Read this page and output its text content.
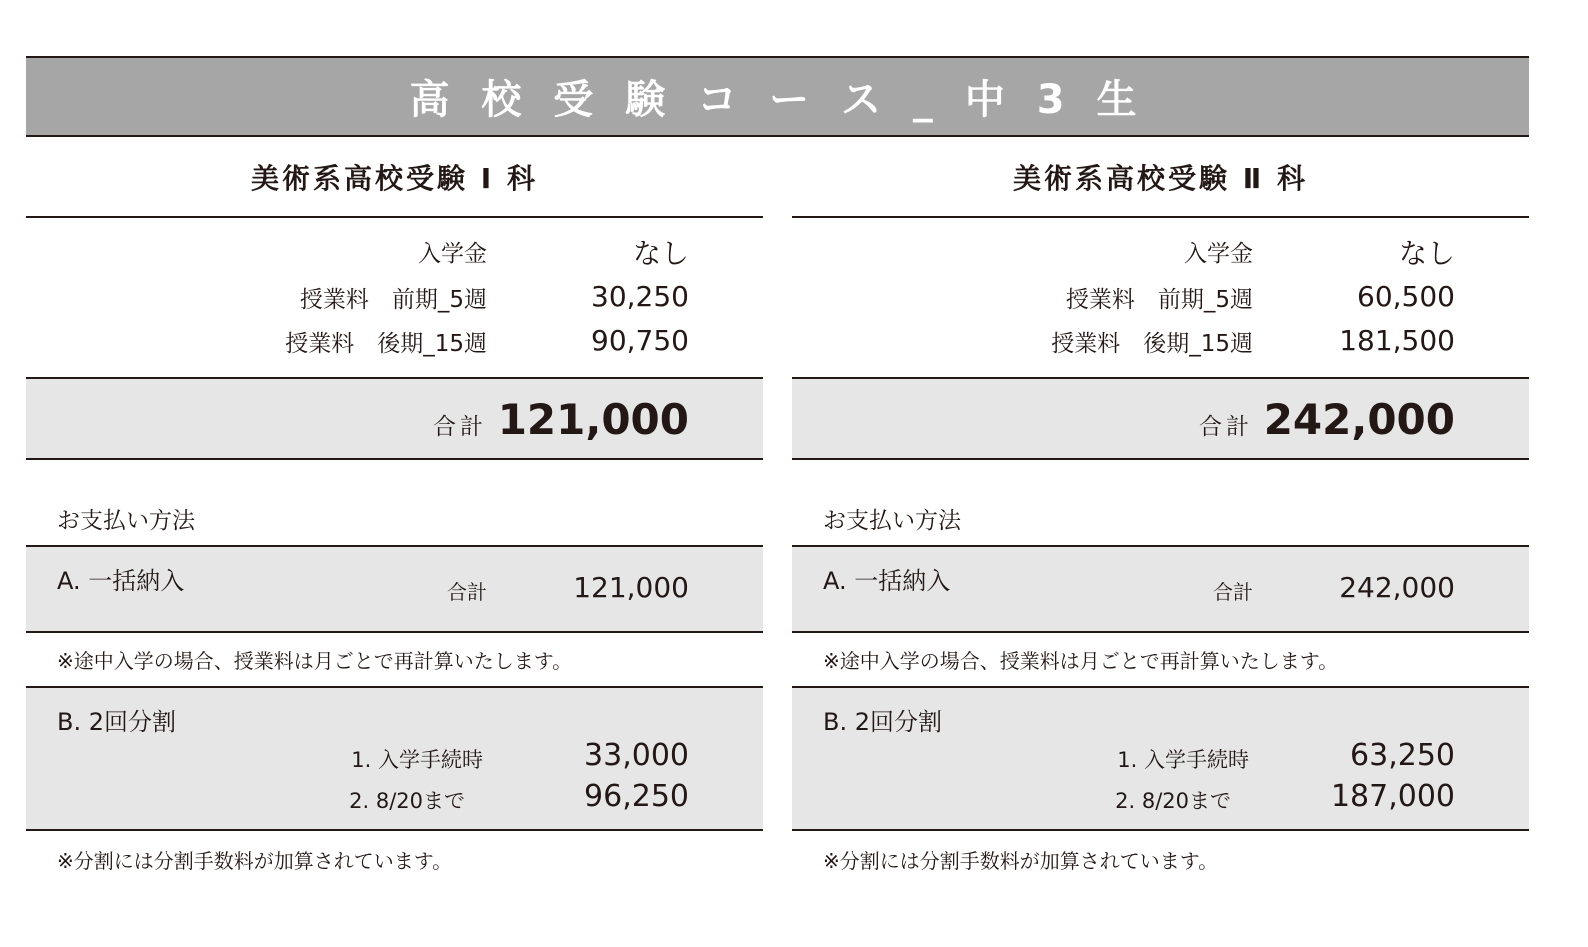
高 校 受 験 コ ー ス _ 中 3 生
美術系高校受験 Ⅰ 科
入学金	なし
授業料　前期_5週	30,250
授業料　後期_15週	90,750
合計 121,000
お支払い方法
A. 一括納入	合計	121,000
※途中入学の場合、授業料は月ごとで再計算いたします。
B. 2回分割
1. 入学手続時	33,000
2. 8/20まで	96,250
※分割には分割手数料が加算されています。
美術系高校受験 Ⅱ 科
入学金	なし
授業料　前期_5週	60,500
授業料　後期_15週	181,500
合計 242,000
お支払い方法
A. 一括納入	合計	242,000
※途中入学の場合、授業料は月ごとで再計算いたします。
B. 2回分割
1. 入学手続時	63,250
2. 8/20まで	187,000
※分割には分割手数料が加算されています。
